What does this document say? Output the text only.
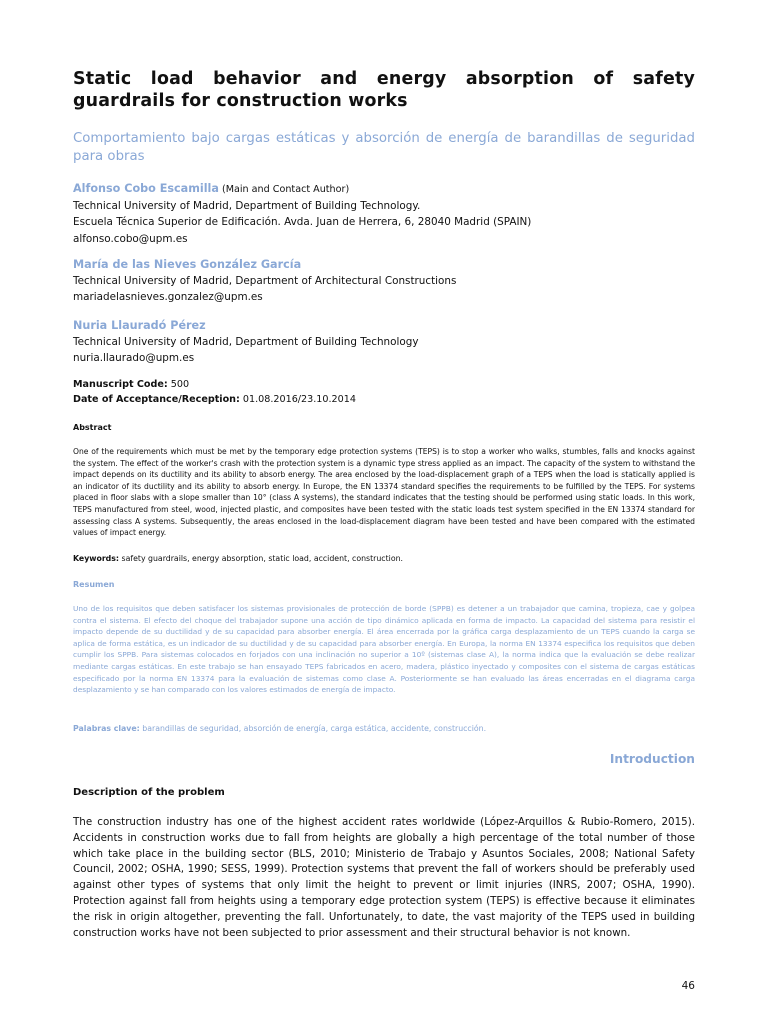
Static load behavior and energy absorption of safety guardrails for construction works
Comportamiento bajo cargas estáticas y absorción de energía de barandillas de seguridad para obras
Alfonso Cobo Escamilla (Main and Contact Author)
Technical University of Madrid, Department of Building Technology.
Escuela Técnica Superior de Edificación. Avda. Juan de Herrera, 6, 28040 Madrid (SPAIN)
alfonso.cobo@upm.es
María de las Nieves González García
Technical University of Madrid, Department of Architectural Constructions
mariadelasnieves.gonzalez@upm.es
Nuria Llauradó Pérez
Technical University of Madrid, Department of Building Technology
nuria.llaurado@upm.es
Manuscript Code: 500
Date of Acceptance/Reception: 01.08.2016/23.10.2014
Abstract
One of the requirements which must be met by the temporary edge protection systems (TEPS) is to stop a worker who walks, stumbles, falls and knocks against the system. The effect of the worker's crash with the protection system is a dynamic type stress applied as an impact. The capacity of the system to withstand the impact depends on its ductility and its ability to absorb energy. The area enclosed by the load-displacement graph of a TEPS when the load is statically applied is an indicator of its ductility and its ability to absorb energy. In Europe, the EN 13374 standard specifies the requirements to be fulfilled by the TEPS. For systems placed in floor slabs with a slope smaller than 10° (class A systems), the standard indicates that the testing should be performed using static loads. In this work, TEPS manufactured from steel, wood, injected plastic, and composites have been tested with the static loads test system specified in the EN 13374 standard for assessing class A systems. Subsequently, the areas enclosed in the load-displacement diagram have been tested and have been compared with the estimated values of impact energy.
Keywords: safety guardrails, energy absorption, static load, accident, construction.
Resumen
Uno de los requisitos que deben satisfacer los sistemas provisionales de protección de borde (SPPB) es detener a un trabajador que camina, tropieza, cae y golpea contra el sistema. El efecto del choque del trabajador supone una acción de tipo dinámico aplicada en forma de impacto. La capacidad del sistema para resistir el impacto depende de su ductilidad y de su capacidad para absorber energía. El área encerrada por la gráfica carga desplazamiento de un TEPS cuando la carga se aplica de forma estática, es un indicador de su ductilidad y de su capacidad para absorber energía. En Europa, la norma EN 13374 especifica los requisitos que deben cumplir los SPPB. Para sistemas colocados en forjados con una inclinación no superior a 10º (sistemas clase A), la norma indica que la evaluación se debe realizar mediante cargas estáticas. En este trabajo se han ensayado TEPS fabricados en acero, madera, plástico inyectado y composites con el sistema de cargas estáticas especificado por la norma EN 13374 para la evaluación de sistemas como clase A. Posteriormente se han evaluado las áreas encerradas en el diagrama carga desplazamiento y se han comparado con los valores estimados de energía de impacto.
Palabras clave: barandillas de seguridad, absorción de energía, carga estática, accidente, construcción.
Introduction
Description of the problem
The construction industry has one of the highest accident rates worldwide (López-Arquillos & Rubio-Romero, 2015). Accidents in construction works due to fall from heights are globally a high percentage of the total number of those which take place in the building sector (BLS, 2010; Ministerio de Trabajo y Asuntos Sociales, 2008; National Safety Council, 2002; OSHA, 1990; SESS, 1999). Protection systems that prevent the fall of workers should be preferably used against other types of systems that only limit the height to prevent or limit injuries (INRS, 2007; OSHA, 1990). Protection against fall from heights using a temporary edge protection system (TEPS) is effective because it eliminates the risk in origin altogether, preventing the fall. Unfortunately, to date, the vast majority of the TEPS used in building construction works have not been subjected to prior assessment and their structural behavior is not known.
46
